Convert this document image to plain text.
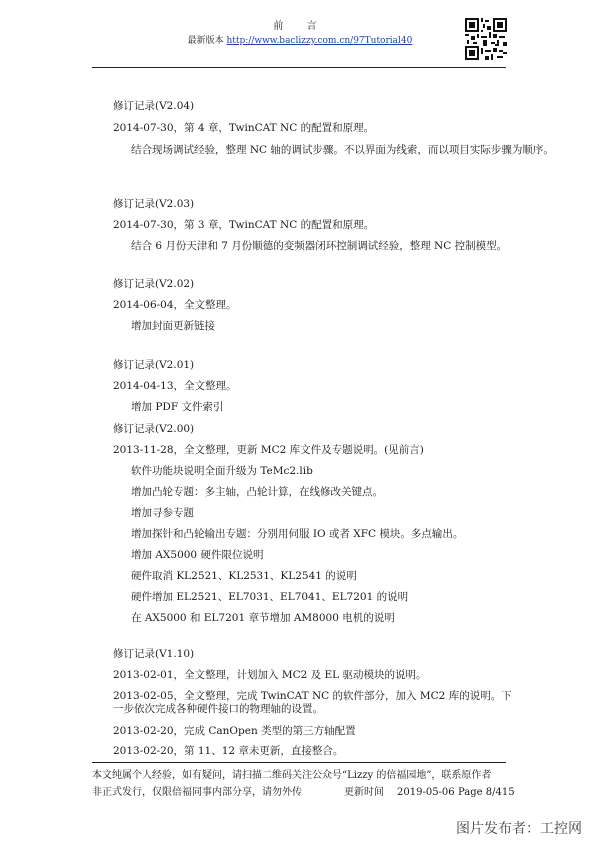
前 言
最新版本 http://www.baclizzy.com.cn/97Tutorial40
修订记录(V2.04)
2014-07-30，第 4 章，TwinCAT NC 的配置和原理。
结合现场调试经验，整理 NC 轴的调试步骤。不以界面为线索，而以项目实际步骤为顺序。
修订记录(V2.03)
2014-07-30，第 3 章，TwinCAT NC 的配置和原理。
结合 6 月份天津和 7 月份顺德的变频器闭环控制调试经验，整理 NC 控制模型。
修订记录(V2.02)
2014-06-04，全文整理。
增加封面更新链接
修订记录(V2.01)
2014-04-13，全文整理。
增加 PDF 文件索引
修订记录(V2.00)
2013-11-28，全文整理，更新 MC2 库文件及专题说明。(见前言)
软件功能块说明全面升级为 TeMc2.lib
增加凸轮专题：多主轴，凸轮计算，在线修改关键点。
增加寻参专题
增加探针和凸轮输出专题：分别用伺服 IO 或者 XFC 模块。多点输出。
增加 AX5000 硬件限位说明
硬件取消 KL2521、KL2531、KL2541 的说明
硬件增加 EL2521、EL7031、EL7041、EL7201 的说明
在 AX5000 和 EL7201 章节增加 AM8000 电机的说明
修订记录(V1.10)
2013-02-01，全文整理，计划加入 MC2 及 EL 驱动模块的说明。
2013-02-05，全文整理，完成 TwinCAT NC 的软件部分，加入 MC2 库的说明。下一步依次完成各种硬件接口的物理轴的设置。
2013-02-20，完成 CanOpen 类型的第三方轴配置
2013-02-20，第 11、12 章未更新，直接整合。
本文纯属个人经验，如有疑问，请扫描二维码关注公众号“Lizzy 的倍福园地”，联系原作者
非正式发行，仅限倍福同事内部分享，请勿外传	更新时间 2019-05-06 Page 8/415
图片发布者：工控网
